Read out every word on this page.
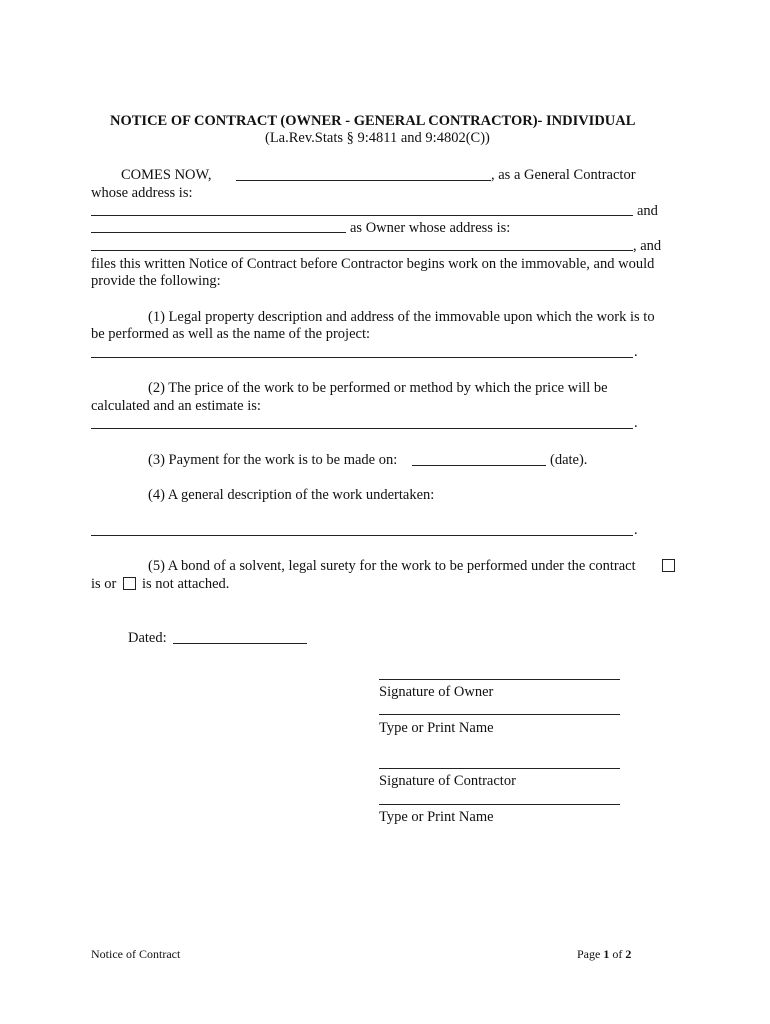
NOTICE OF CONTRACT (OWNER - GENERAL CONTRACTOR)- INDIVIDUAL
(La.Rev.Stats § 9:4811 and 9:4802(C))
COMES NOW,	, as a General Contractor
whose address is:
and
as Owner whose address is:
, and
files this written Notice of Contract before Contractor begins work on the immovable, and would
provide the following:
(1) Legal property description and address of the immovable upon which the work is to
be performed as well as the name of the project:
.
(2) The price of the work to be performed or method by which the price will be
calculated and an estimate is:
.
(3) Payment for the work is to be made on:	(date).
(4) A general description of the work undertaken:
.
(5) A bond of a solvent, legal surety for the work to be performed under the contract
is or is not attached.
Dated:
Signature of Owner
Type or Print Name
Signature of Contractor
Type or Print Name
Notice of Contract	Page 1 of 2
